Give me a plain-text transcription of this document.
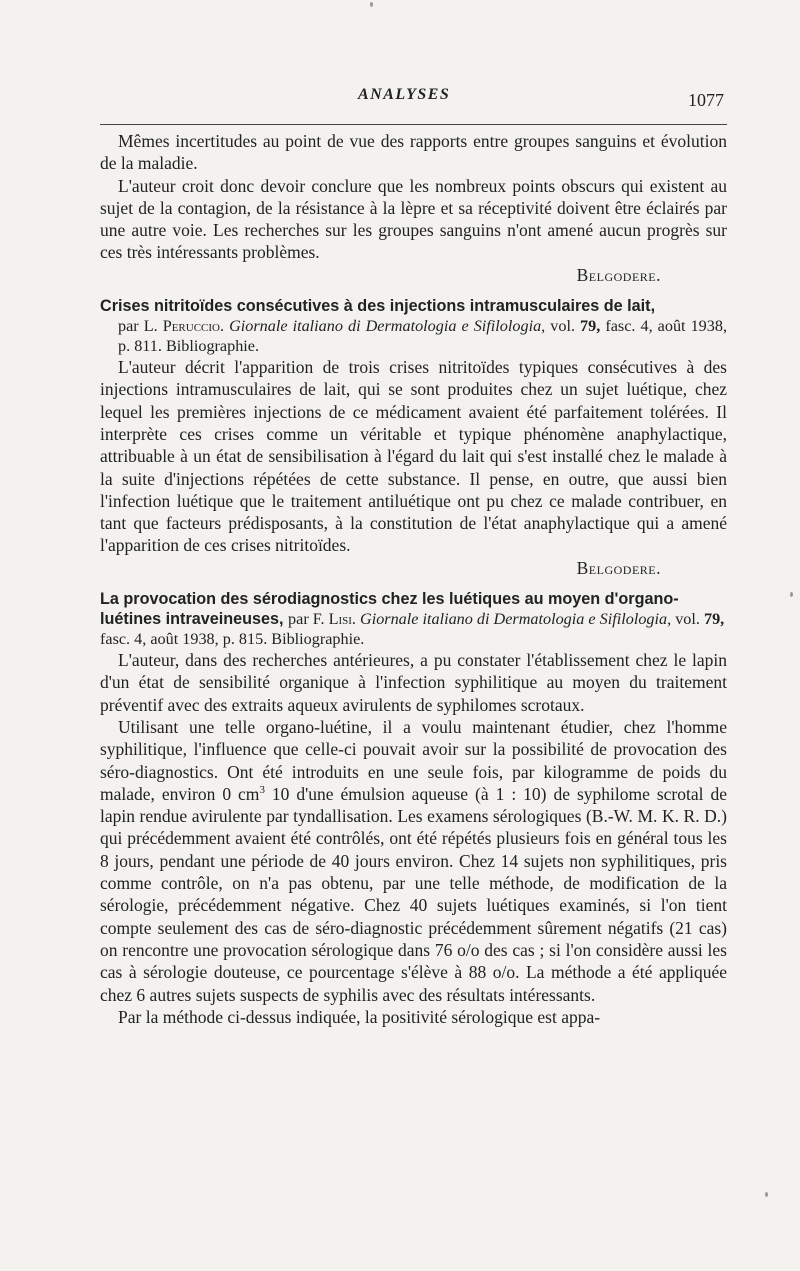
ANALYSES	1077

Mêmes incertitudes au point de vue des rapports entre groupes sanguins et évolution de la maladie.

L'auteur croit donc devoir conclure que les nombreux points obscurs qui existent au sujet de la contagion, de la résistance à la lèpre et sa réceptivité doivent être éclairés par une autre voie. Les recherches sur les groupes sanguins n'ont amené aucun progrès sur ces très intéressants problèmes.

Belgodere.

Crises nitritoïdes consécutives à des injections intramusculaires de lait,
par L. Peruccio. Giornale italiano di Dermatologia e Sifilologia, vol. 79, fasc. 4, août 1938, p. 811. Bibliographie.

L'auteur décrit l'apparition de trois crises nitritoïdes typiques consécutives à des injections intramusculaires de lait, qui se sont produites chez un sujet luétique, chez lequel les premières injections de ce médicament avaient été parfaitement tolérées. Il interprète ces crises comme un véritable et typique phénomène anaphylactique, attribuable à un état de sensibilisation à l'égard du lait qui s'est installé chez le malade à la suite d'injections répétées de cette substance. Il pense, en outre, que aussi bien l'infection luétique que le traitement antiluétique ont pu chez ce malade contribuer, en tant que facteurs prédisposants, à la constitution de l'état anaphylactique qui a amené l'apparition de ces crises nitritoïdes.

Belgodere.

La provocation des sérodiagnostics chez les luétiques au moyen d'organo-luétines intraveineuses, par F. Lisi. Giornale italiano di Dermatologia e Sifilologia, vol. 79, fasc. 4, août 1938, p. 815. Bibliographie.

L'auteur, dans des recherches antérieures, a pu constater l'établissement chez le lapin d'un état de sensibilité organique à l'infection syphilitique au moyen du traitement préventif avec des extraits aqueux avirulents de syphilomes scrotaux.

Utilisant une telle organo-luétine, il a voulu maintenant étudier, chez l'homme syphilitique, l'influence que celle-ci pouvait avoir sur la possibilité de provocation des séro-diagnostics. Ont été introduits en une seule fois, par kilogramme de poids du malade, environ 0 $cm^3$ 10 d'une émulsion aqueuse (à 1 : 10) de syphilome scrotal de lapin rendue avirulente par tyndallisation. Les examens sérologiques (B.-W. M. K. R. D.) qui précédemment avaient été contrôlés, ont été répétés plusieurs fois en général tous les 8 jours, pendant une période de 40 jours environ. Chez 14 sujets non syphilitiques, pris comme contrôle, on n'a pas obtenu, par une telle méthode, de modification de la sérologie, précédemment négative. Chez 40 sujets luétiques examinés, si l'on tient compte seulement des cas de séro-diagnostic précédemment sûrement négatifs (21 cas) on rencontre une provocation sérologique dans 76 o/o des cas ; si l'on considère aussi les cas à sérologie douteuse, ce pourcentage s'élève à 88 o/o. La méthode a été appliquée chez 6 autres sujets suspects de syphilis avec des résultats intéressants.

Par la méthode ci-dessus indiquée, la positivité sérologique est appa-
